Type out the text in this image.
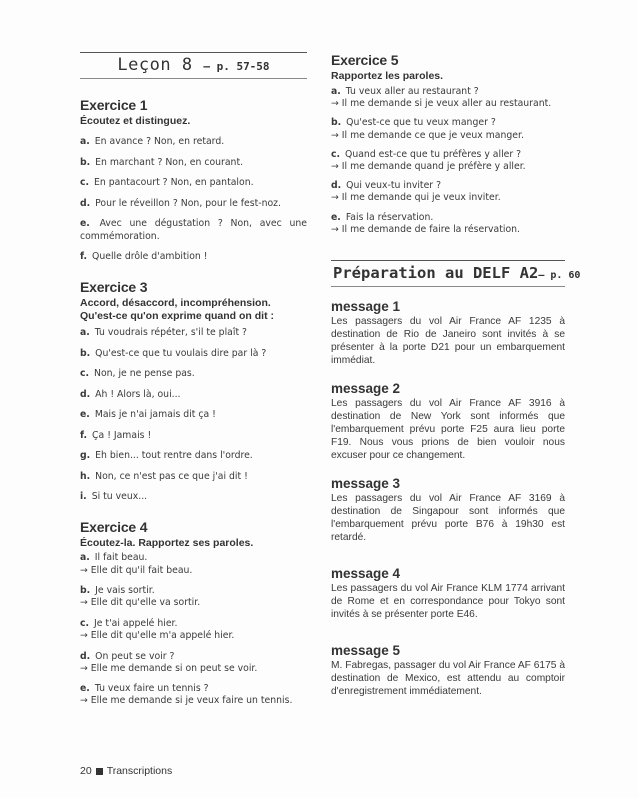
Leçon 8 – p. 57-58
Exercice 1
Écoutez et distinguez.
a. En avance ? Non, en retard.
b. En marchant ? Non, en courant.
c. En pantacourt ? Non, en pantalon.
d. Pour le réveillon ? Non, pour le fest-noz.
e. Avec une dégustation ? Non, avec une commémoration.
f. Quelle drôle d'ambition !
Exercice 3
Accord, désaccord, incompréhension. Qu'est-ce qu'on exprime quand on dit :
a. Tu voudrais répéter, s'il te plaît ?
b. Qu'est-ce que tu voulais dire par là ?
c. Non, je ne pense pas.
d. Ah ! Alors là, oui...
e. Mais je n'ai jamais dit ça !
f. Ça ! Jamais !
g. Eh bien... tout rentre dans l'ordre.
h. Non, ce n'est pas ce que j'ai dit !
i. Si tu veux...
Exercice 4
Écoutez-la. Rapportez ses paroles.
a. Il fait beau.
→ Elle dit qu'il fait beau.
b. Je vais sortir.
→ Elle dit qu'elle va sortir.
c. Je t'ai appelé hier.
→ Elle dit qu'elle m'a appelé hier.
d. On peut se voir ?
→ Elle me demande si on peut se voir.
e. Tu veux faire un tennis ?
→ Elle me demande si je veux faire un tennis.
Exercice 5
Rapportez les paroles.
a. Tu veux aller au restaurant ?
→ Il me demande si je veux aller au restaurant.
b. Qu'est-ce que tu veux manger ?
→ Il me demande ce que je veux manger.
c. Quand est-ce que tu préfères y aller ?
→ Il me demande quand je préfère y aller.
d. Qui veux-tu inviter ?
→ Il me demande qui je veux inviter.
e. Fais la réservation.
→ Il me demande de faire la réservation.
Préparation au DELF A2– p. 60
message 1
Les passagers du vol Air France AF 1235 à destination de Rio de Janeiro sont invités à se présenter à la porte D21 pour un embarquement immédiat.
message 2
Les passagers du vol Air France AF 3916 à destination de New York sont informés que l'embarquement prévu porte F25 aura lieu porte F19. Nous vous prions de bien vouloir nous excuser pour ce changement.
message 3
Les passagers du vol Air France AF 3169 à destination de Singapour sont informés que l'embarquement prévu porte B76 à 19h30 est retardé.
message 4
Les passagers du vol Air France KLM 1774 arrivant de Rome et en correspondance pour Tokyo sont invités à se présenter porte E46.
message 5
M. Fabregas, passager du vol Air France AF 6175 à destination de Mexico, est attendu au comptoir d'enregistrement immédiatement.
20 Transcriptions
